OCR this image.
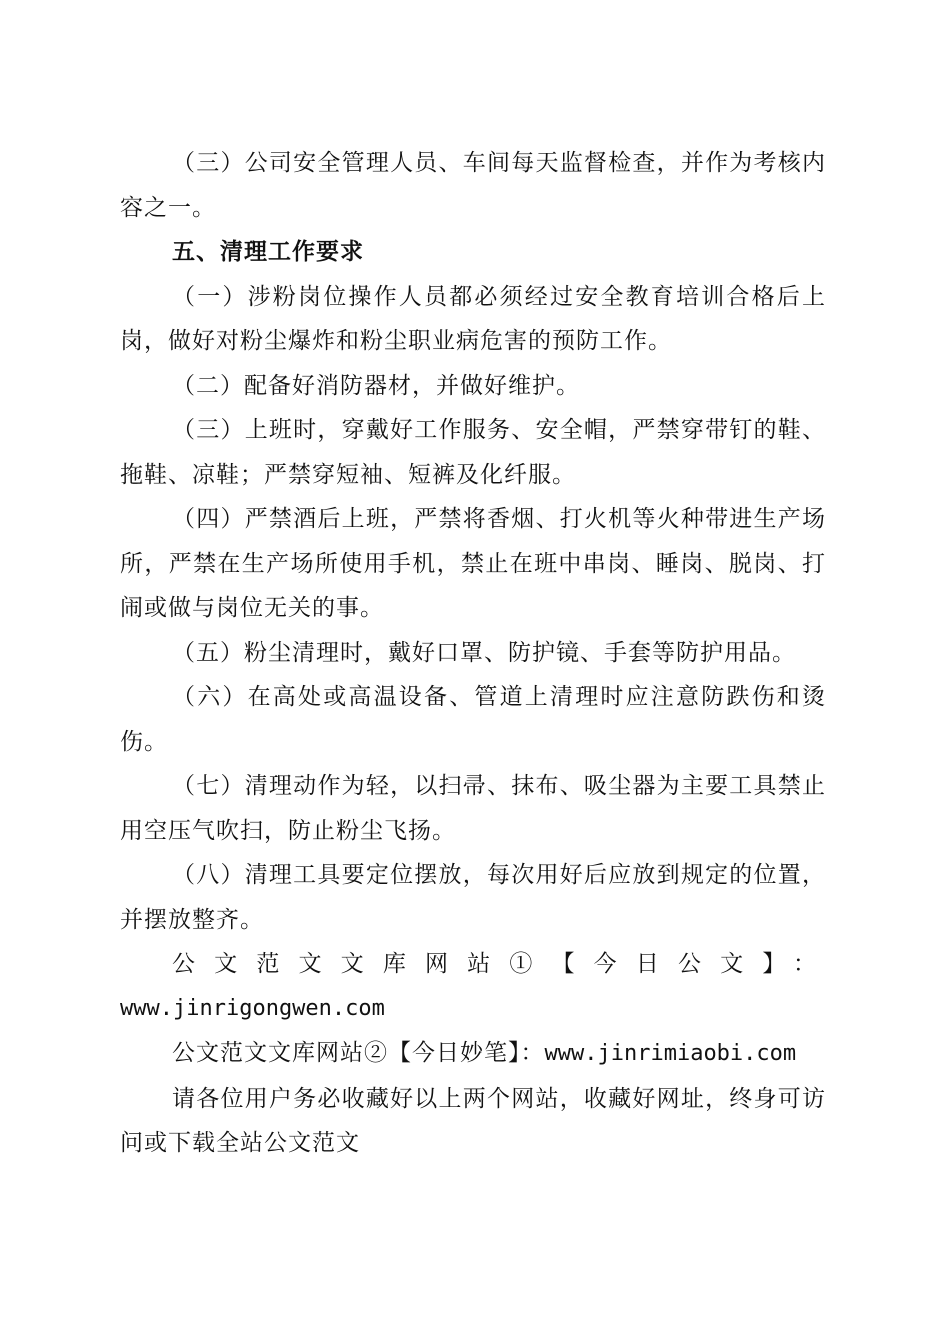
（三）公司安全管理人员、车间每天监督检查，并作为考核内容之一。

五、清理工作要求

（一）涉粉岗位操作人员都必须经过安全教育培训合格后上岗，做好对粉尘爆炸和粉尘职业病危害的预防工作。

（二）配备好消防器材，并做好维护。

（三）上班时，穿戴好工作服务、安全帽，严禁穿带钉的鞋、拖鞋、凉鞋；严禁穿短袖、短裤及化纤服。

（四）严禁酒后上班，严禁将香烟、打火机等火种带进生产场所，严禁在生产场所使用手机，禁止在班中串岗、睡岗、脱岗、打闹或做与岗位无关的事。

（五）粉尘清理时，戴好口罩、防护镜、手套等防护用品。

（六）在高处或高温设备、管道上清理时应注意防跌伤和烫伤。

（七）清理动作为轻，以扫帚、抹布、吸尘器为主要工具禁止用空压气吹扫，防止粉尘飞扬。

（八）清理工具要定位摆放，每次用好后应放到规定的位置，并摆放整齐。

公文范文文库网站①【今日公文】：

www.jinrigongwen.com

公文范文文库网站②【今日妙笔】：www.jinrimiaobi.com

请各位用户务必收藏好以上两个网站，收藏好网址，终身可访问或下载全站公文范文
